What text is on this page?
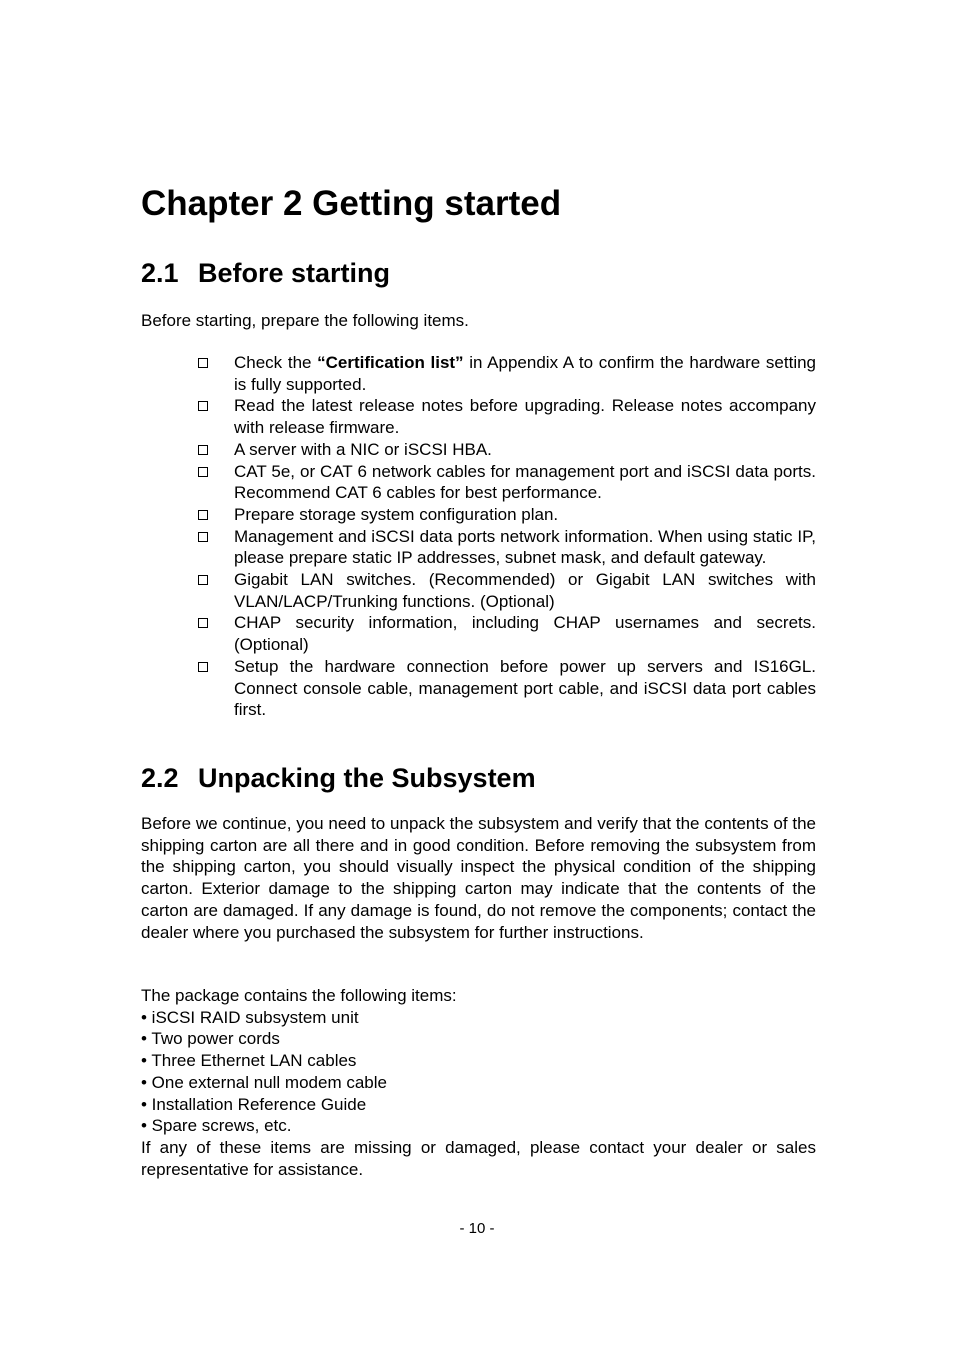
Chapter 2 Getting started
2.1 Before starting

Before starting, prepare the following items.

Check the “Certification list” in Appendix A to confirm the hardware setting is fully supported.
Read the latest release notes before upgrading. Release notes accompany with release firmware.
A server with a NIC or iSCSI HBA.
CAT 5e, or CAT 6 network cables for management port and iSCSI data ports. Recommend CAT 6 cables for best performance.
Prepare storage system configuration plan.
Management and iSCSI data ports network information. When using static IP, please prepare static IP addresses, subnet mask, and default gateway.
Gigabit LAN switches. (Recommended) or Gigabit LAN switches with VLAN/LACP/Trunking functions. (Optional)
CHAP security information, including CHAP usernames and secrets. (Optional)
Setup the hardware connection before power up servers and IS16GL. Connect console cable, management port cable, and iSCSI data port cables first.
2.2 Unpacking the Subsystem

Before we continue, you need to unpack the subsystem and verify that the contents of the shipping carton are all there and in good condition. Before removing the subsystem from the shipping carton, you should visually inspect the physical condition of the shipping carton. Exterior damage to the shipping carton may indicate that the contents of the carton are damaged. If any damage is found, do not remove the components; contact the dealer where you purchased the subsystem for further instructions.

The package contains the following items:

• iSCSI RAID subsystem unit
• Two power cords
• Three Ethernet LAN cables
• One external null modem cable
• Installation Reference Guide
• Spare screws, etc.

If any of these items are missing or damaged, please contact your dealer or sales representative for assistance.

- 10 -
